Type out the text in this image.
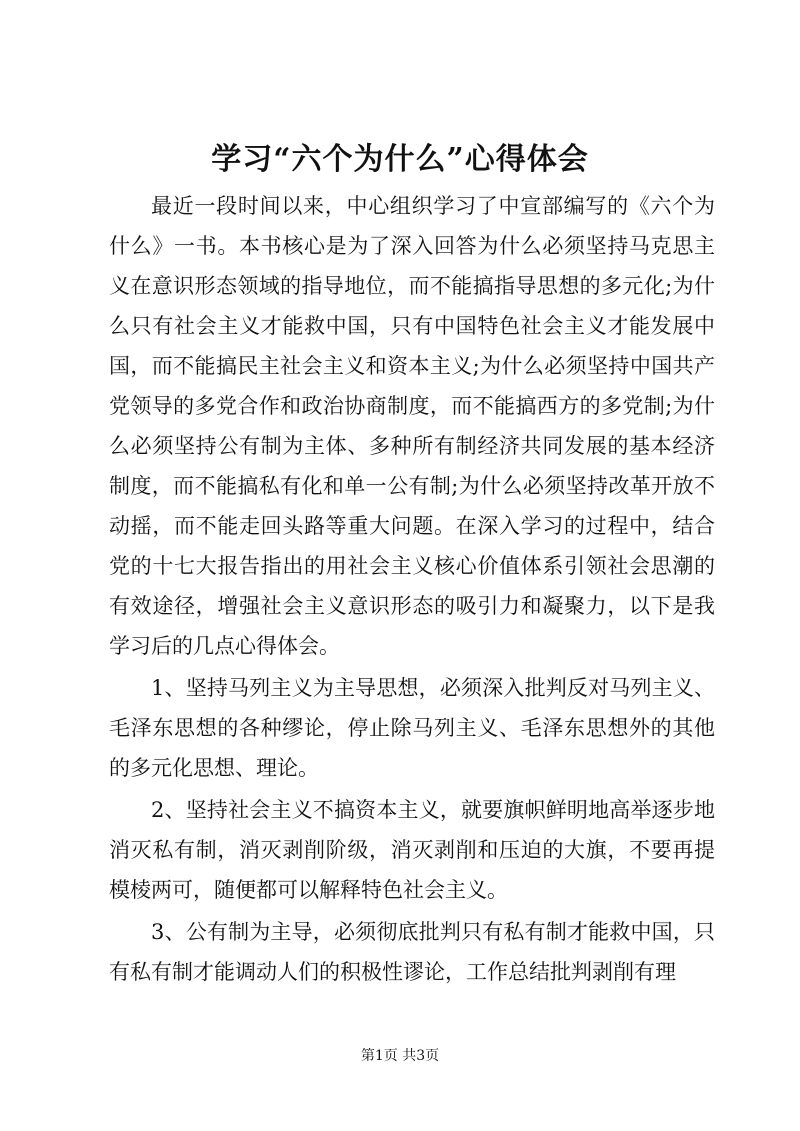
学习“六个为什么”心得体会

最近一段时间以来，中心组织学习了中宣部编写的《六个为什么》一书。本书核心是为了深入回答为什么必须坚持马克思主义在意识形态领域的指导地位，而不能搞指导思想的多元化;为什么只有社会主义才能救中国，只有中国特色社会主义才能发展中国，而不能搞民主社会主义和资本主义;为什么必须坚持中国共产党领导的多党合作和政治协商制度，而不能搞西方的多党制;为什么必须坚持公有制为主体、多种所有制经济共同发展的基本经济制度，而不能搞私有化和单一公有制;为什么必须坚持改革开放不动摇，而不能走回头路等重大问题。在深入学习的过程中，结合党的十七大报告指出的用社会主义核心价值体系引领社会思潮的有效途径，增强社会主义意识形态的吸引力和凝聚力，以下是我学习后的几点心得体会。

1、坚持马列主义为主导思想，必须深入批判反对马列主义、毛泽东思想的各种缪论，停止除马列主义、毛泽东思想外的其他的多元化思想、理论。

2、坚持社会主义不搞资本主义，就要旗帜鲜明地高举逐步地消灭私有制，消灭剥削阶级，消灭剥削和压迫的大旗，不要再提模棱两可，随便都可以解释特色社会主义。

3、公有制为主导，必须彻底批判只有私有制才能救中国，只有私有制才能调动人们的积极性谬论，工作总结批判剥削有理

第1页 共3页
